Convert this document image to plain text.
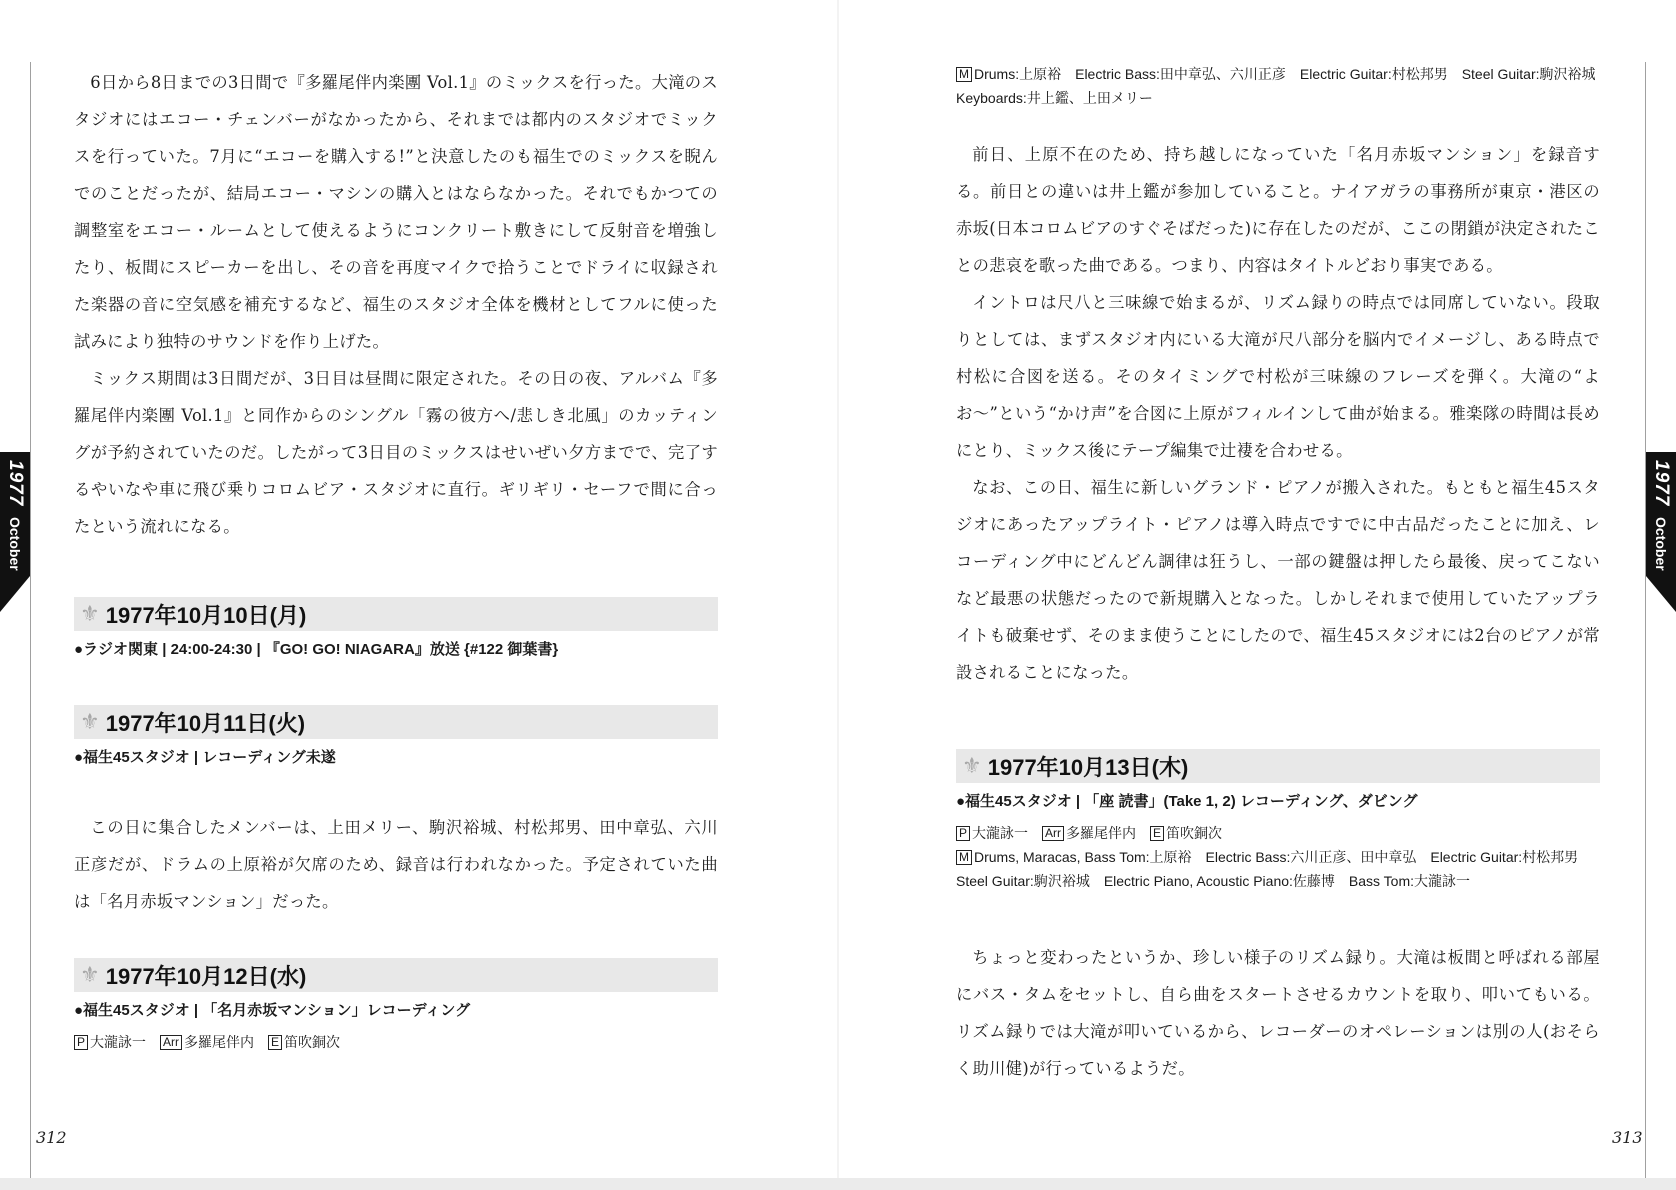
1977 October
1977 October

6日から8日までの3日間で『多羅尾伴内楽團 Vol.1』のミックスを行った。大滝のスタジオにはエコー・チェンバーがなかったから、それまでは都内のスタジオでミックスを行っていた。7月に“エコーを購入する!”と決意したのも福生でのミックスを睨んでのことだったが、結局エコー・マシンの購入とはならなかった。それでもかつての調整室をエコー・ルームとして使えるようにコンクリート敷きにして反射音を増強したり、板間にスピーカーを出し、その音を再度マイクで拾うことでドライに収録された楽器の音に空気感を補充するなど、福生のスタジオ全体を機材としてフルに使った試みにより独特のサウンドを作り上げた。

ミックス期間は3日間だが、3日目は昼間に限定された。その日の夜、アルバム『多羅尾伴内楽團 Vol.1』と同作からのシングル「霧の彼方へ/悲しき北風」のカッティングが予約されていたのだ。したがって3日目のミックスはせいぜい夕方までで、完了するやいなや車に飛び乗りコロムビア・スタジオに直行。ギリギリ・セーフで間に合ったという流れになる。

⚜ 1977年10月10日(月)

●ラジオ関東 | 24:00-24:30 | 『GO! GO! NIAGARA』放送 {#122 御葉書}

⚜ 1977年10月11日(火)

●福生45スタジオ | レコーディング未遂

この日に集合したメンバーは、上田メリー、駒沢裕城、村松邦男、田中章弘、六川正彦だが、ドラムの上原裕が欠席のため、録音は行われなかった。予定されていた曲は「名月赤坂マンション」だった。

⚜ 1977年10月12日(水)

●福生45スタジオ | 「名月赤坂マンション」レコーディング

P 大瀧詠一　 Arr 多羅尾伴内　 E 笛吹銅次

312

M Drums:上原裕　Electric Bass:田中章弘、六川正彦　Electric Guitar:村松邦男　Steel Guitar:駒沢裕城　Keyboards:井上鑑、上田メリー

前日、上原不在のため、持ち越しになっていた「名月赤坂マンション」を録音する。前日との違いは井上鑑が参加していること。ナイアガラの事務所が東京・港区の赤坂(日本コロムビアのすぐそばだった)に存在したのだが、ここの閉鎖が決定されたことの悲哀を歌った曲である。つまり、内容はタイトルどおり事実である。

イントロは尺八と三味線で始まるが、リズム録りの時点では同席していない。段取りとしては、まずスタジオ内にいる大滝が尺八部分を脳内でイメージし、ある時点で村松に合図を送る。そのタイミングで村松が三味線のフレーズを弾く。大滝の“よお〜”という“かけ声”を合図に上原がフィルインして曲が始まる。雅楽隊の時間は長めにとり、ミックス後にテープ編集で辻褄を合わせる。

なお、この日、福生に新しいグランド・ピアノが搬入された。もともと福生45スタジオにあったアップライト・ピアノは導入時点ですでに中古品だったことに加え、レコーディング中にどんどん調律は狂うし、一部の鍵盤は押したら最後、戻ってこないなど最悪の状態だったので新規購入となった。しかしそれまで使用していたアップライトも破棄せず、そのまま使うことにしたので、福生45スタジオには2台のピアノが常設されることになった。

⚜ 1977年10月13日(木)

●福生45スタジオ | 「座 読書」(Take 1, 2) レコーディング、ダビング

P 大瀧詠一　 Arr 多羅尾伴内　 E 笛吹銅次

M Drums, Maracas, Bass Tom:上原裕　Electric Bass:六川正彦、田中章弘　Electric Guitar:村松邦男　Steel Guitar:駒沢裕城　Electric Piano, Acoustic Piano:佐藤博　Bass Tom:大瀧詠一

ちょっと変わったというか、珍しい様子のリズム録り。大滝は板間と呼ばれる部屋にバス・タムをセットし、自ら曲をスタートさせるカウントを取り、叩いてもいる。リズム録りでは大滝が叩いているから、レコーダーのオペレーションは別の人(おそらく助川健)が行っているようだ。

313
